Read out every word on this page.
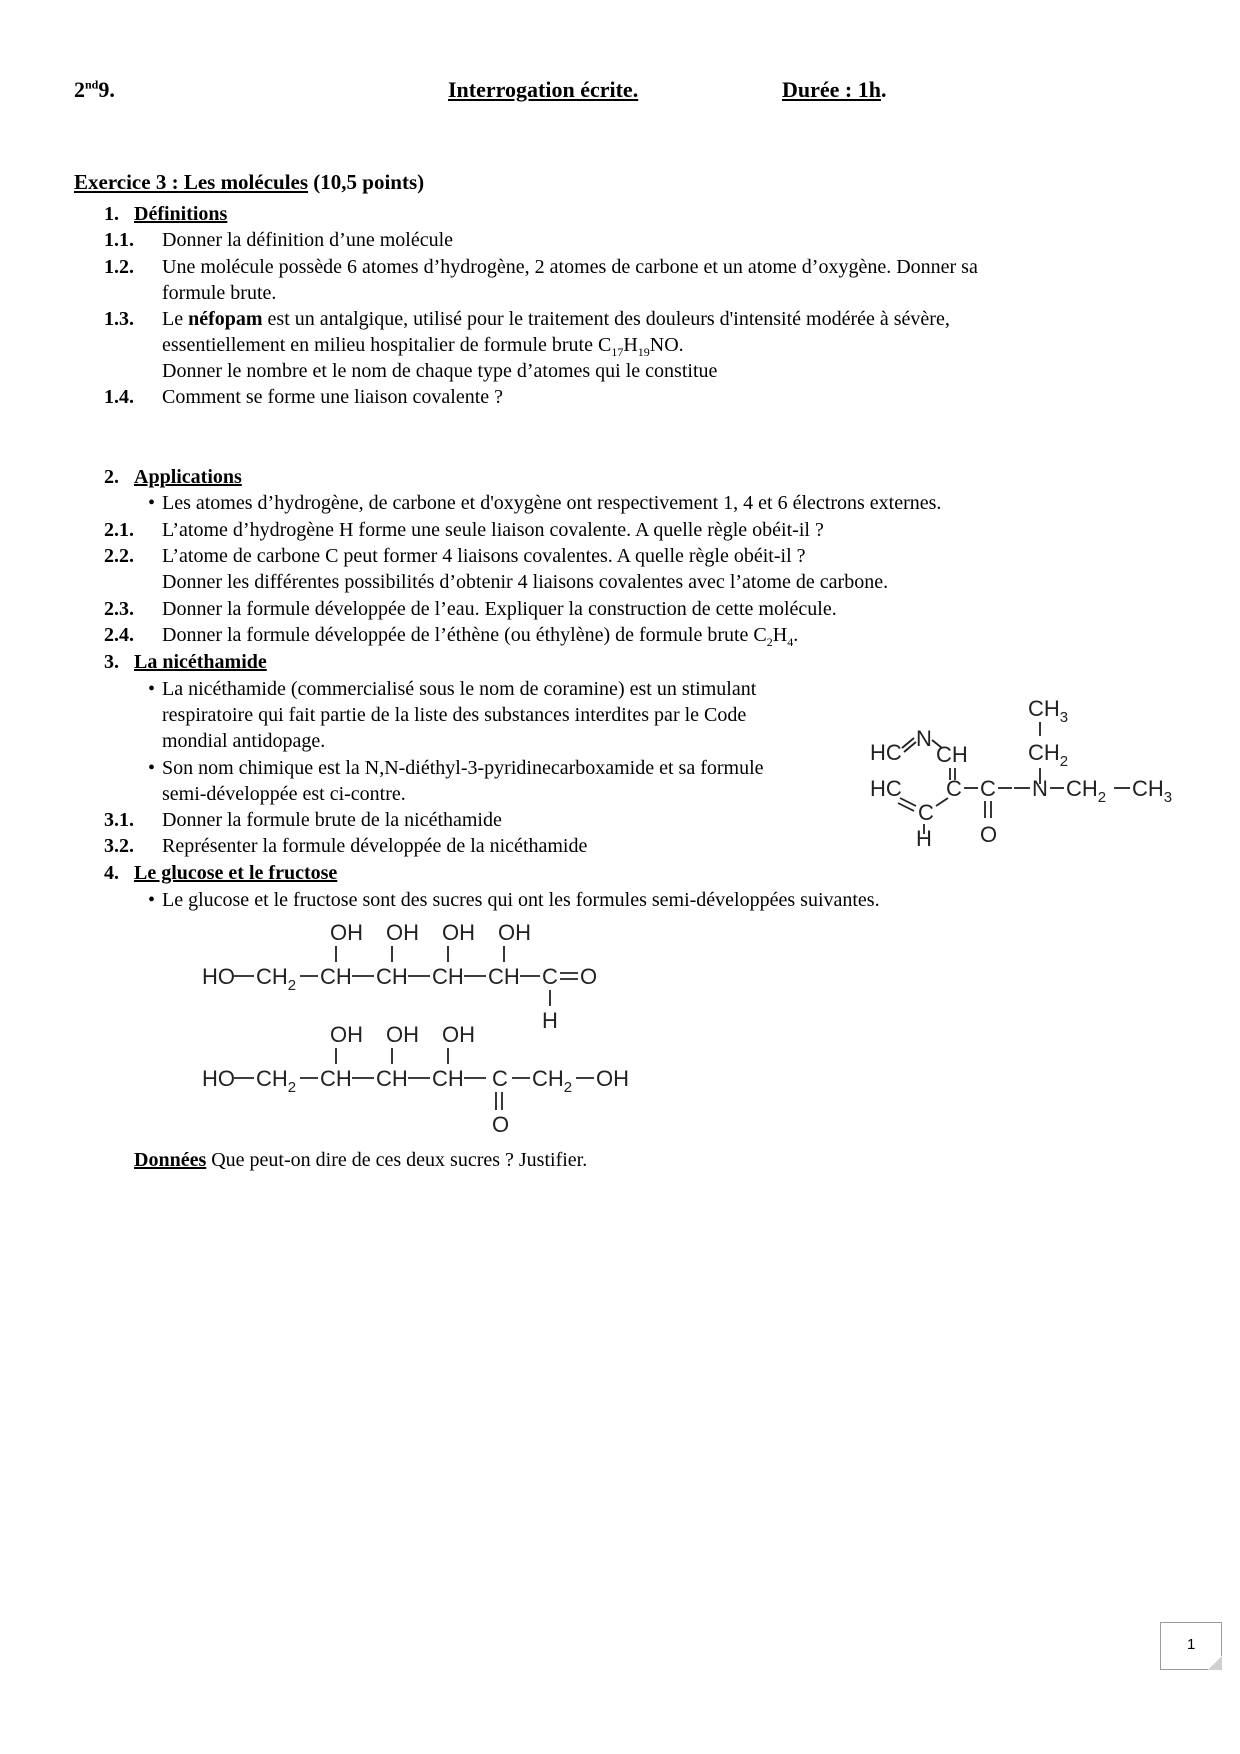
2nd9.	Interrogation écrite.	Durée : 1h.
Exercice 3 : Les molécules (10,5 points)
1. Définitions
1.1. Donner la définition d’une molécule
1.2. Une molécule possède 6 atomes d’hydrogène, 2 atomes de carbone et un atome d’oxygène. Donner sa
formule brute.
1.3. Le néfopam est un antalgique, utilisé pour le traitement des douleurs d'intensité modérée à sévère,
essentiellement en milieu hospitalier de formule brute $C_{17}H_{19}NO$.
Donner le nombre et le nom de chaque type d’atomes qui le constitue
1.4. Comment se forme une liaison covalente ?
2. Applications
• Les atomes d’hydrogène, de carbone et d'oxygène ont respectivement 1, 4 et 6 électrons externes.
2.1. L’atome d’hydrogène H forme une seule liaison covalente. A quelle règle obéit-il ?
2.2. L’atome de carbone C peut former 4 liaisons covalentes. A quelle règle obéit-il ?
Donner les différentes possibilités d’obtenir 4 liaisons covalentes avec l’atome de carbone.
2.3. Donner la formule développée de l’eau. Expliquer la construction de cette molécule.
2.4. Donner la formule développée de l’éthène (ou éthylène) de formule brute $C_2H_4$.
3. La nicéthamide
• La nicéthamide (commercialisé sous le nom de coramine) est un stimulant
respiratoire qui fait partie de la liste des substances interdites par le Code
mondial antidopage.
• Son nom chimique est la N,N-diéthyl-3-pyridinecarboxamide et sa formule
semi-développée est ci-contre.
3.1. Donner la formule brute de la nicéthamide
3.2. Représenter la formule développée de la nicéthamide
$CH_3$
$CH_2$
HC
N
CH
HC
C
H
C C
O
N $CH_2$ $CH_3$
4. Le glucose et le fructose
• Le glucose et le fructose sont des sucres qui ont les formules semi-développées suivantes.
OH OH OH OH
HO $CH_2$ CH CH CH CH C O
H
OH OH OH
HO $CH_2$ CH CH CH C
O
$CH_2$ OH
Données Que peut-on dire de ces deux sucres ? Justifier.
1
